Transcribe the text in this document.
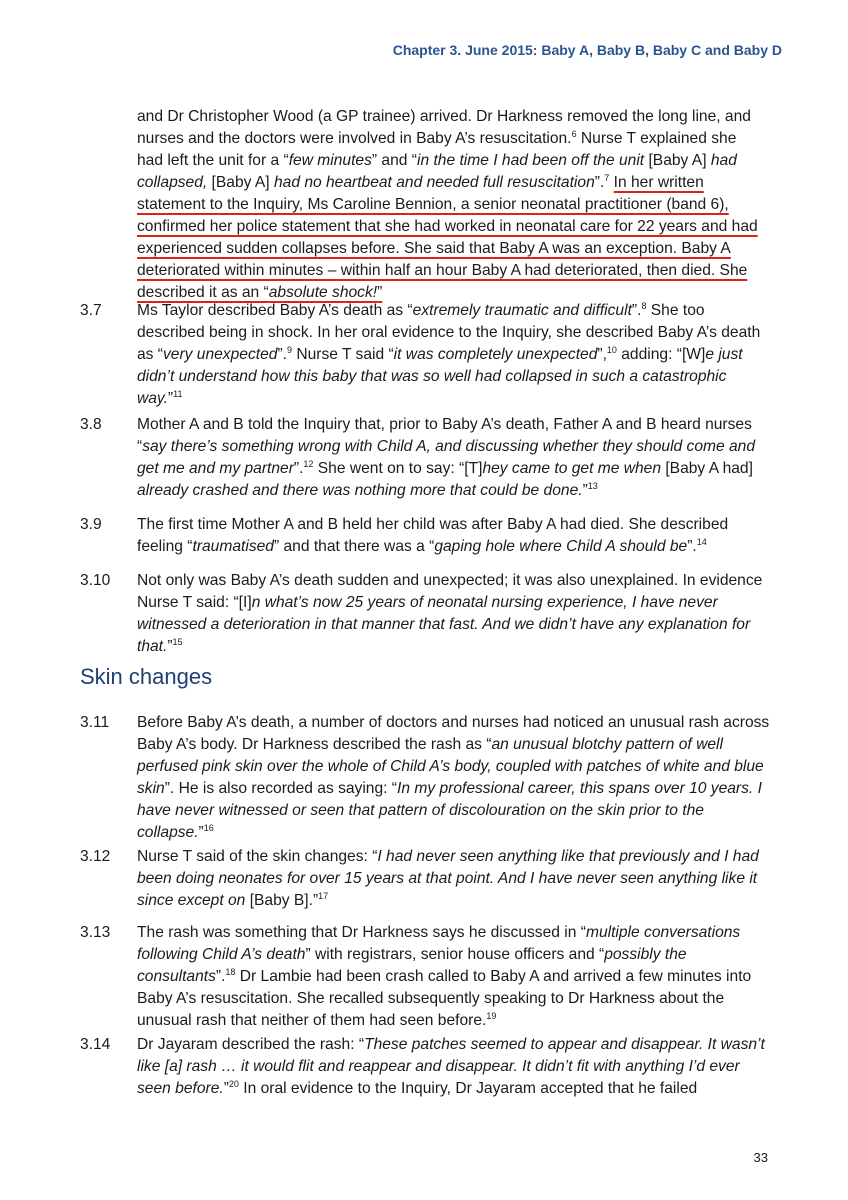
Chapter 3. June 2015: Baby A, Baby B, Baby C and Baby D

and Dr Christopher Wood (a GP trainee) arrived. Dr Harkness removed the long line, and nurses and the doctors were involved in Baby A’s resuscitation.$^6$ Nurse T explained she had left the unit for a “few minutes” and “in the time I had been off the unit [Baby A] had collapsed, [Baby A] had no heartbeat and needed full resuscitation”.$^7$ In her written statement to the Inquiry, Ms Caroline Bennion, a senior neonatal practitioner (band 6), confirmed her police statement that she had worked in neonatal care for 22 years and had experienced sudden collapses before. She said that Baby A was an exception. Baby A deteriorated within minutes – within half an hour Baby A had deteriorated, then died. She described it as an “absolute shock!”

3.7	Ms Taylor described Baby A’s death as “extremely traumatic and difficult”.$^8$ She too described being in shock. In her oral evidence to the Inquiry, she described Baby A’s death as “very unexpected”.$^9$ Nurse T said “it was completely unexpected”,$^{10}$ adding: “[W]e just didn’t understand how this baby that was so well had collapsed in such a catastrophic way.”$^{11}$

3.8	Mother A and B told the Inquiry that, prior to Baby A’s death, Father A and B heard nurses “say there’s something wrong with Child A, and discussing whether they should come and get me and my partner”.$^{12}$ She went on to say: “[T]hey came to get me when [Baby A had] already crashed and there was nothing more that could be done.”$^{13}$

3.9	The first time Mother A and B held her child was after Baby A had died. She described feeling “traumatised” and that there was a “gaping hole where Child A should be”.$^{14}$

3.10	Not only was Baby A’s death sudden and unexpected; it was also unexplained. In evidence Nurse T said: “[I]n what’s now 25 years of neonatal nursing experience, I have never witnessed a deterioration in that manner that fast. And we didn’t have any explanation for that.”$^{15}$

Skin changes
3.11	Before Baby A’s death, a number of doctors and nurses had noticed an unusual rash across Baby A’s body. Dr Harkness described the rash as “an unusual blotchy pattern of well perfused pink skin over the whole of Child A’s body, coupled with patches of white and blue skin”. He is also recorded as saying: “In my professional career, this spans over 10 years. I have never witnessed or seen that pattern of discolouration on the skin prior to the collapse.”$^{16}$

3.12	Nurse T said of the skin changes: “I had never seen anything like that previously and I had been doing neonates for over 15 years at that point. And I have never seen anything like it since except on [Baby B].”$^{17}$

3.13	The rash was something that Dr Harkness says he discussed in “multiple conversations following Child A’s death” with registrars, senior house officers and “possibly the consultants”.$^{18}$ Dr Lambie had been crash called to Baby A and arrived a few minutes into Baby A’s resuscitation. She recalled subsequently speaking to Dr Harkness about the unusual rash that neither of them had seen before.$^{19}$

3.14	Dr Jayaram described the rash: “These patches seemed to appear and disappear. It wasn’t like [a] rash … it would flit and reappear and disappear. It didn’t fit with anything I’d ever seen before.”$^{20}$ In oral evidence to the Inquiry, Dr Jayaram accepted that he failed

33
